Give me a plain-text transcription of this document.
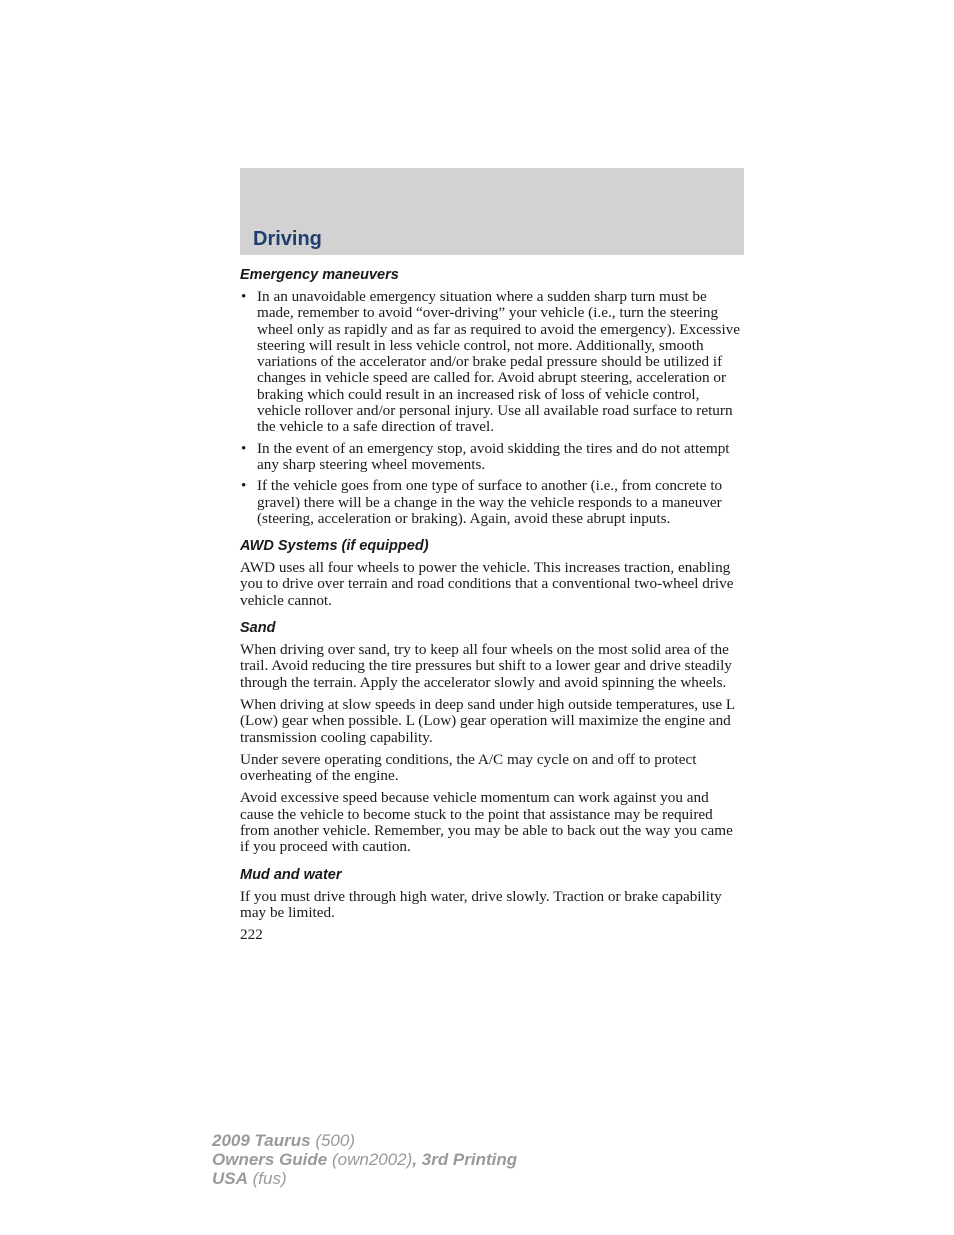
Driving
Emergency maneuvers
• In an unavoidable emergency situation where a sudden sharp turn must be made, remember to avoid “over-driving” your vehicle (i.e., turn the steering wheel only as rapidly and as far as required to avoid the emergency). Excessive steering will result in less vehicle control, not more. Additionally, smooth variations of the accelerator and/or brake pedal pressure should be utilized if changes in vehicle speed are called for. Avoid abrupt steering, acceleration or braking which could result in an increased risk of loss of vehicle control, vehicle rollover and/or personal injury. Use all available road surface to return the vehicle to a safe direction of travel.
• In the event of an emergency stop, avoid skidding the tires and do not attempt any sharp steering wheel movements.
• If the vehicle goes from one type of surface to another (i.e., from concrete to gravel) there will be a change in the way the vehicle responds to a maneuver (steering, acceleration or braking). Again, avoid these abrupt inputs.
AWD Systems (if equipped)

AWD uses all four wheels to power the vehicle. This increases traction, enabling you to drive over terrain and road conditions that a conventional two-wheel drive vehicle cannot.

Sand

When driving over sand, try to keep all four wheels on the most solid area of the trail. Avoid reducing the tire pressures but shift to a lower gear and drive steadily through the terrain. Apply the accelerator slowly and avoid spinning the wheels.

When driving at slow speeds in deep sand under high outside temperatures, use L (Low) gear when possible. L (Low) gear operation will maximize the engine and transmission cooling capability.

Under severe operating conditions, the A/C may cycle on and off to protect overheating of the engine.

Avoid excessive speed because vehicle momentum can work against you and cause the vehicle to become stuck to the point that assistance may be required from another vehicle. Remember, you may be able to back out the way you came if you proceed with caution.

Mud and water

If you must drive through high water, drive slowly. Traction or brake capability may be limited.

222
2009 Taurus (500)
Owners Guide (own2002), 3rd Printing
USA (fus)
